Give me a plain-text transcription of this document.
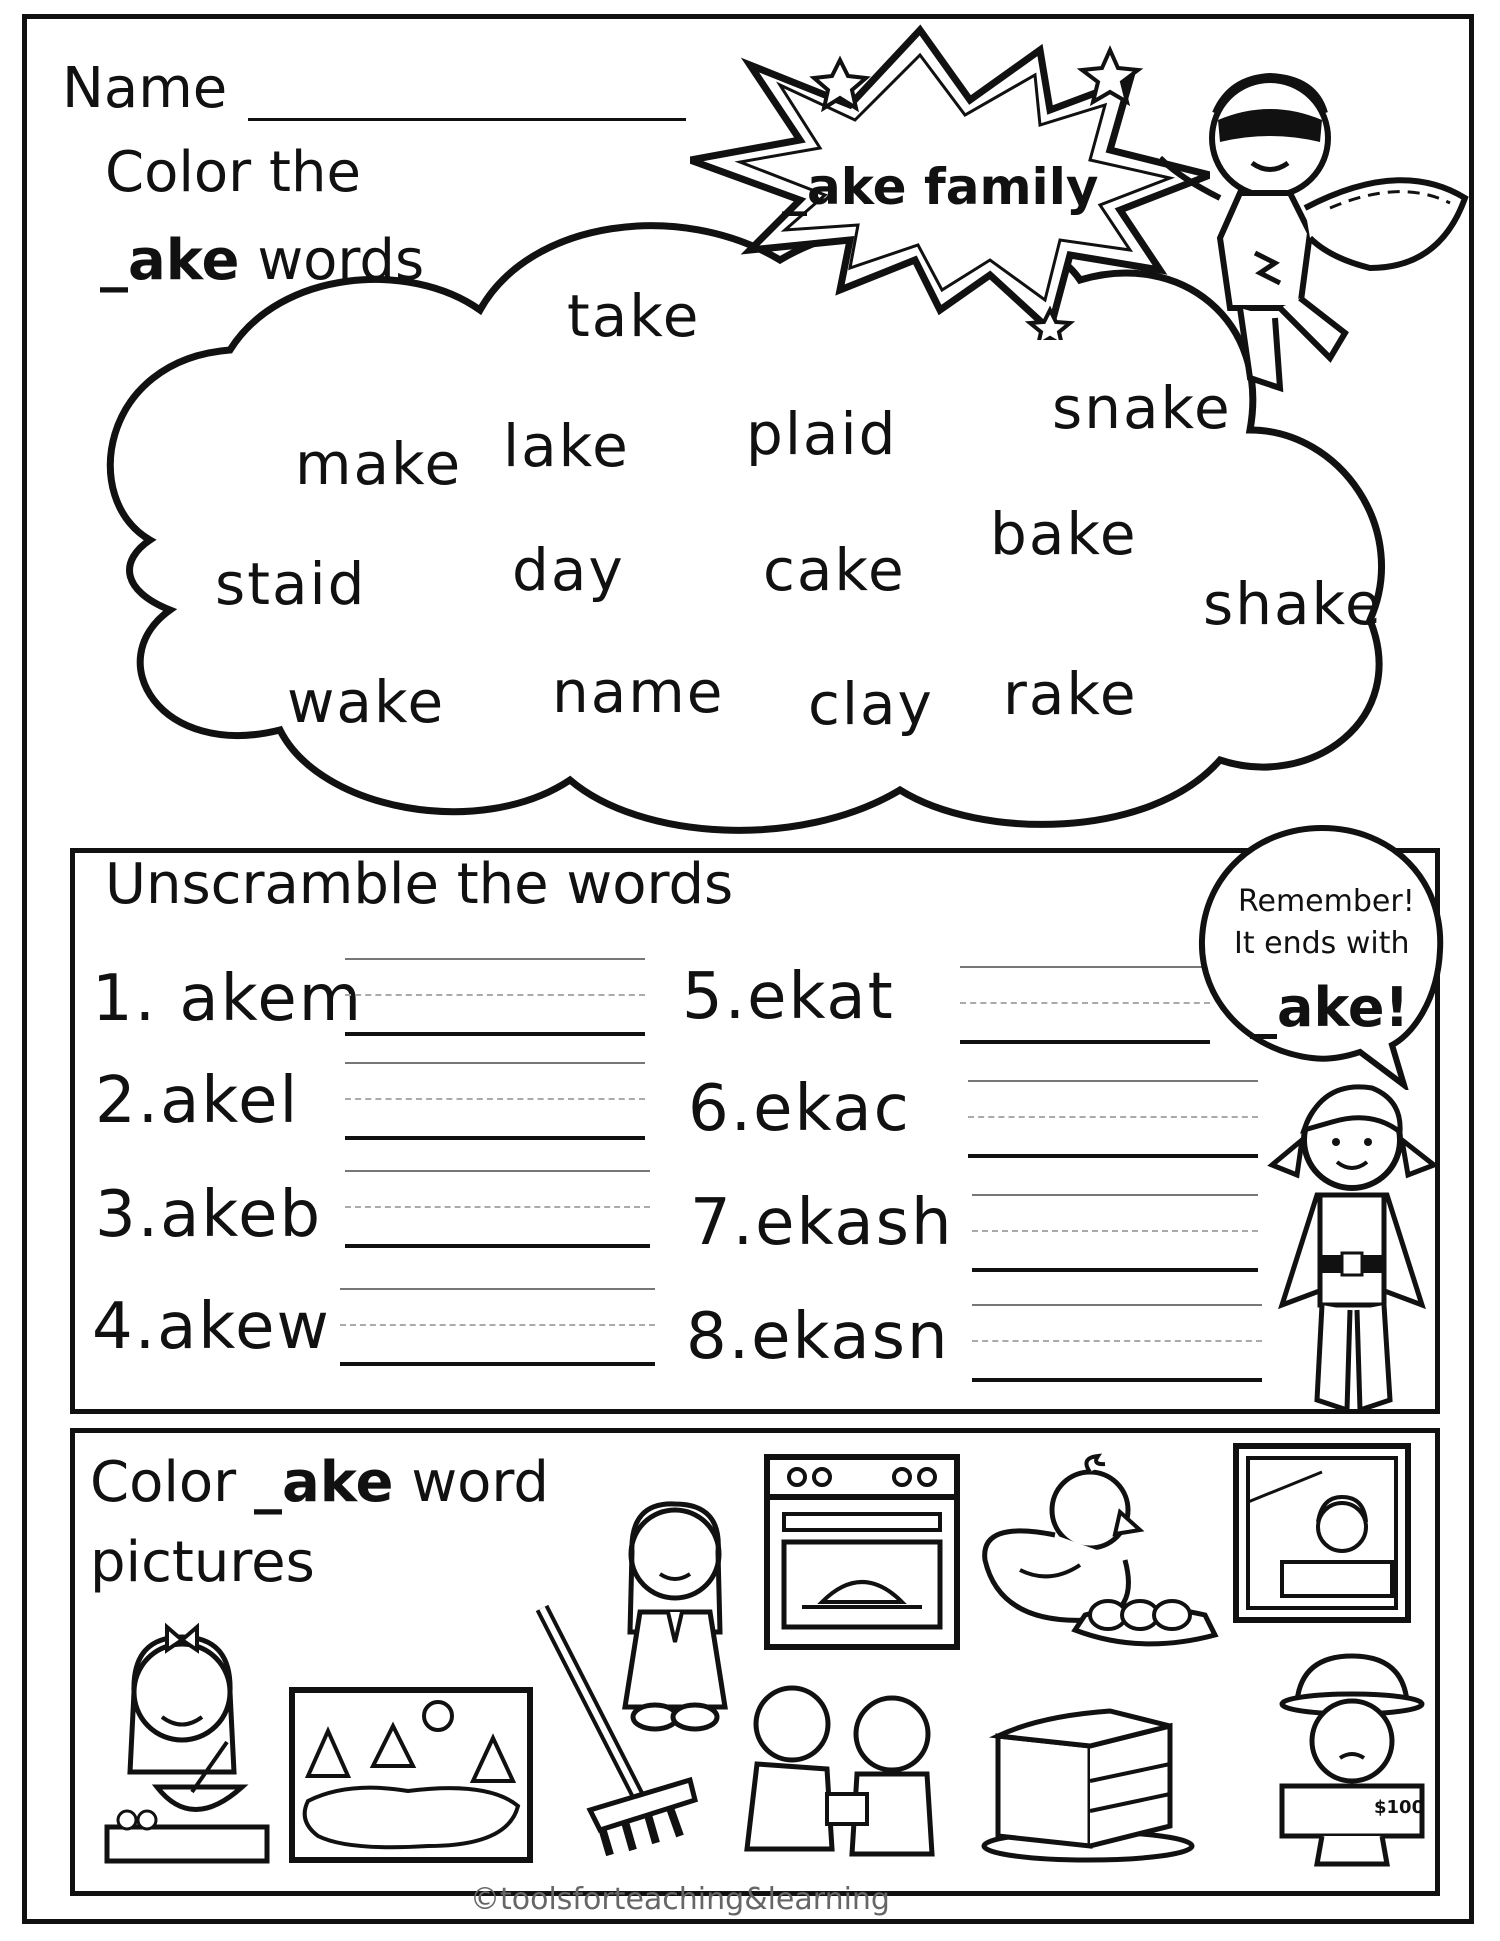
Name
Color the
_ake words
take
make lake plaid	snake
staid	day cake
bake
shake
wake name clay rake
_ake family
Unscramble the words
1. akem
2.akel
3.akeb
4.akew
5.ekat
6.ekac
7.ekash
8.ekasn
Remember!
It ends with
_ake!
Color _ake word
pictures
$100
©toolsforteaching&learning
